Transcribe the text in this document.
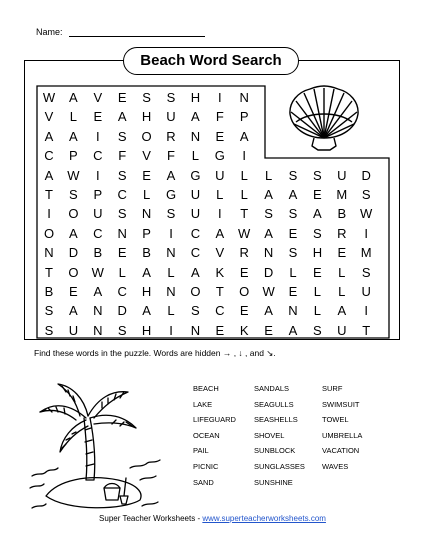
Name:
Beach Word Search
W	A	V	E	S	S	H	I	N
V	L	E	A	H	U	A	F	P
A	A	I	S	O	R	N	E	A
C	P	C	F	V	F	L	G	I
A	W	I	S	E	A	G	U	L	L	S	S	U	D
T	S	P	C	L	G	U	L	L	A	A	E	M	S
I	O	U	S	N	S	U	I	T	S	S	A	B	W
O	A	C	N	P	I	C	A	W	A	E	S	R	I
N	D	B	E	B	N	C	V	R	N	S	H	E	M
T	O	W	L	A	L	A	K	E	D	L	E	L	S
B	E	A	C	H	N	O	T	O	W	E	L	L	U
S	A	N	D	A	L	S	C	E	A	N	L	A	I
S	U	N	S	H	I	N	E	K	E	A	S	U	T
Find these words in the puzzle. Words are hidden → , ↓ , and ↘.
BEACH
LAKE
LIFEGUARD
OCEAN
PAIL
PICNIC
SAND
SANDALS
SEAGULLS
SEASHELLS
SHOVEL
SUNBLOCK
SUNGLASSES
SUNSHINE
SURF
SWIMSUIT
TOWEL
UMBRELLA
VACATION
WAVES
Super Teacher Worksheets - www.superteacherworksheets.com
